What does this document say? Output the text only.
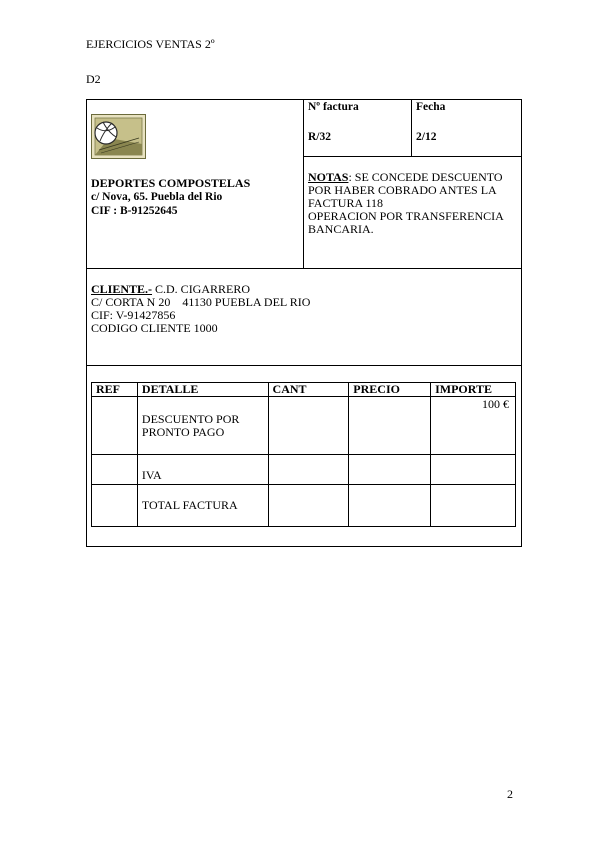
EJERCICIOS VENTAS 2º
D2
DEPORTES COMPOSTELAS
c/ Nova, 65. Puebla del Rio
CIF : B-91252645
Nº factura
R/32
Fecha
2/12
NOTAS: SE CONCEDE DESCUENTO
POR HABER COBRADO ANTES LA
FACTURA 118
OPERACION POR TRANSFERENCIA
BANCARIA.
CLIENTE.- C.D. CIGARRERO
C/ CORTA N 20 41130 PUEBLA DEL RIO
CIF: V-91427856
CODIGO CLIENTE 1000
REF	DETALLE	CANT	PRECIO	IMPORTE

	DESCUENTO POR
PRONTO PAGO			100 €
	IVA			
	TOTAL FACTURA			
2
